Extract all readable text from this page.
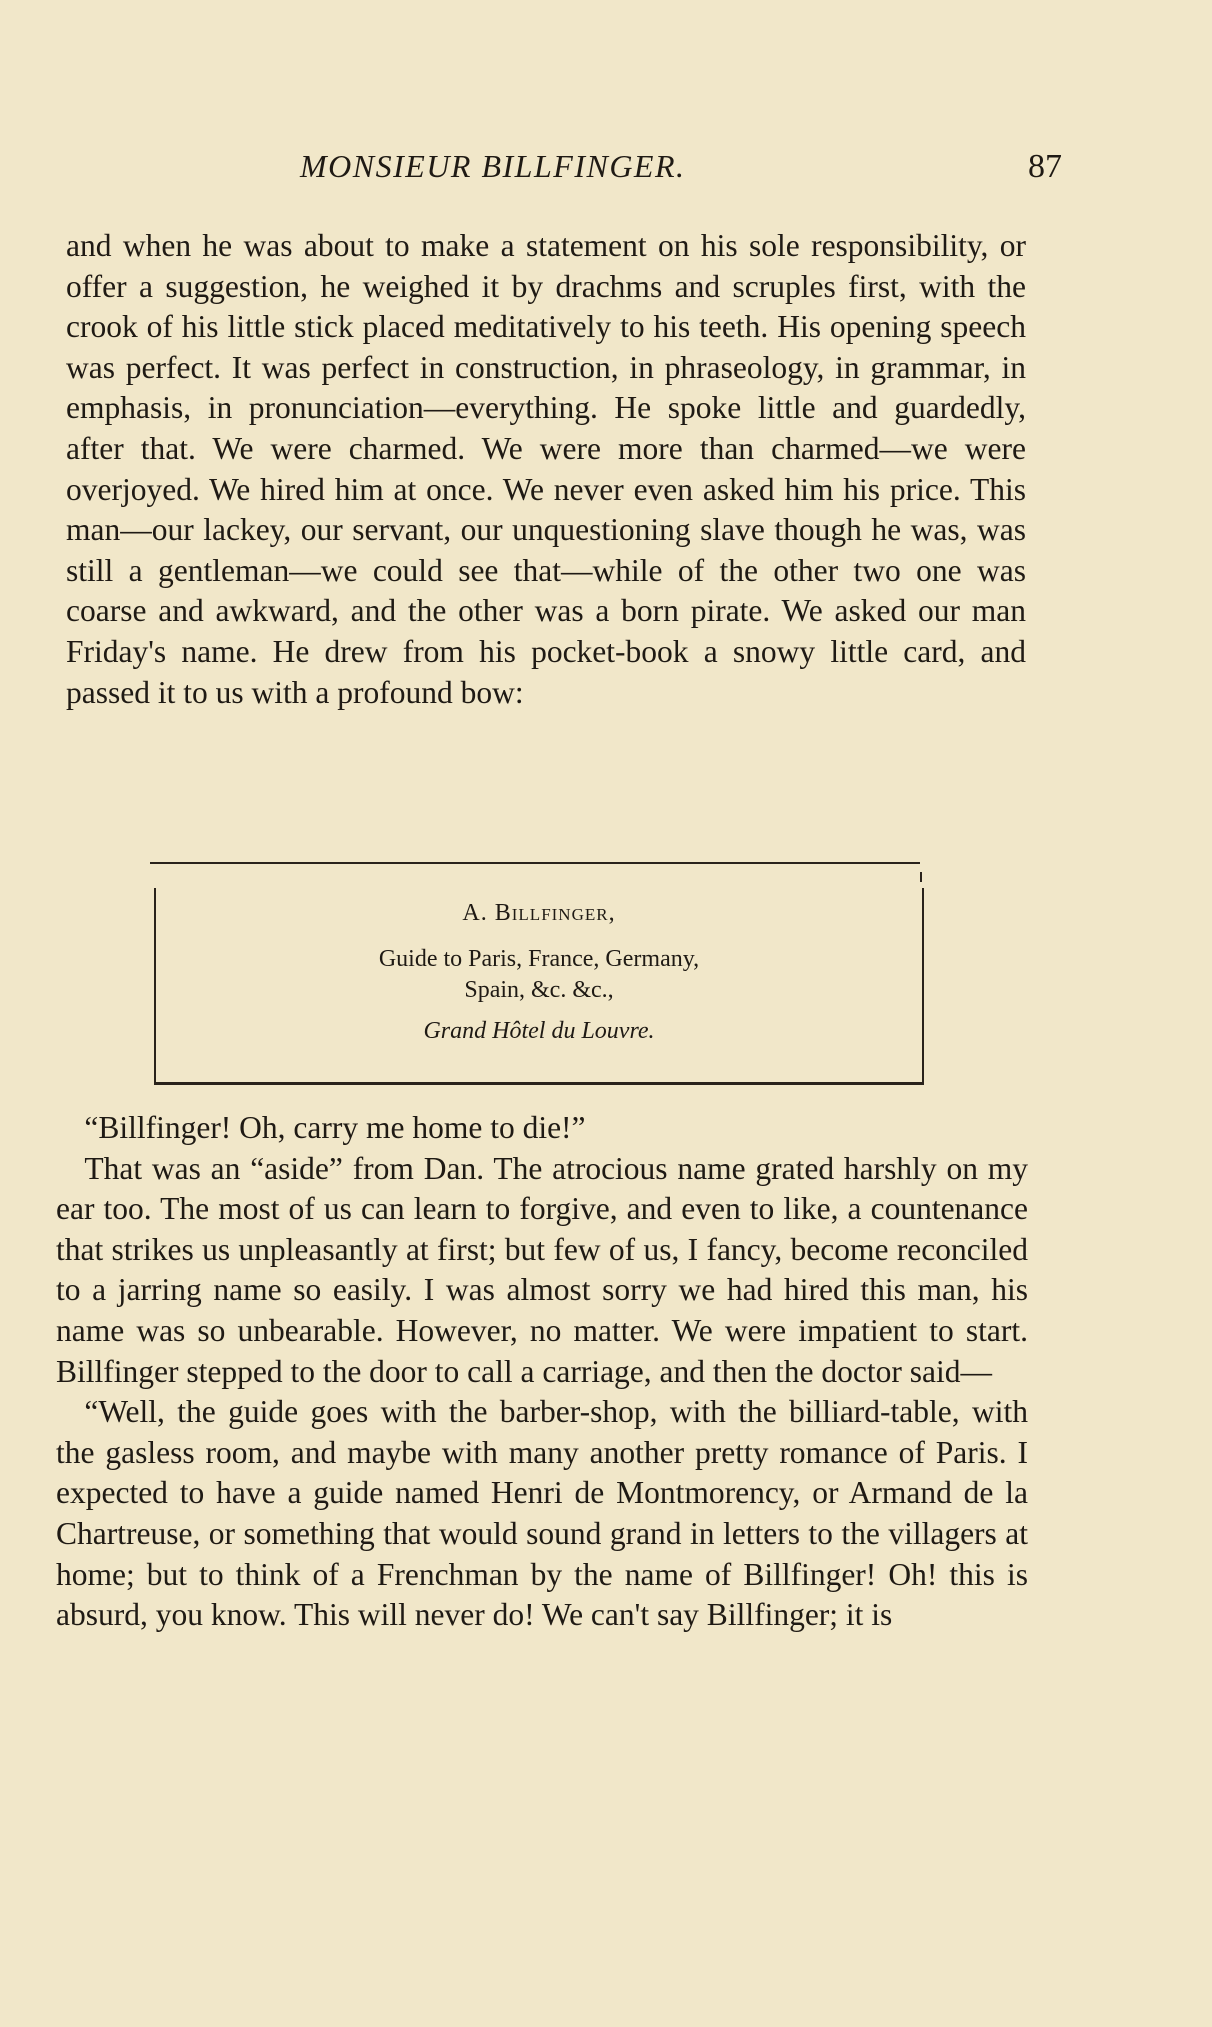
MONSIEUR BILLFINGER.	87

and when he was about to make a statement on his sole responsibility, or offer a suggestion, he weighed it by drachms and scruples first, with the crook of his little stick placed meditatively to his teeth. His opening speech was perfect. It was perfect in construction, in phraseology, in grammar, in emphasis, in pronunciation—everything. He spoke little and guardedly, after that. We were charmed. We were more than charmed—we were overjoyed. We hired him at once. We never even asked him his price. This man—our lackey, our servant, our unquestioning slave though he was, was still a gentleman—we could see that—while of the other two one was coarse and awkward, and the other was a born pirate. We asked our man Friday's name. He drew from his pocket-book a snowy little card, and passed it to us with a profound bow:

A. Billfinger,
Guide to Paris, France, Germany,
Spain, &c. &c.,
Grand Hôtel du Louvre.

“Billfinger! Oh, carry me home to die!”

That was an “aside” from Dan. The atrocious name grated harshly on my ear too. The most of us can learn to forgive, and even to like, a countenance that strikes us unpleasantly at first; but few of us, I fancy, become reconciled to a jarring name so easily. I was almost sorry we had hired this man, his name was so unbearable. However, no matter. We were impatient to start. Billfinger stepped to the door to call a carriage, and then the doctor said—

“Well, the guide goes with the barber-shop, with the billiard-table, with the gasless room, and maybe with many another pretty romance of Paris. I expected to have a guide named Henri de Montmorency, or Armand de la Chartreuse, or something that would sound grand in letters to the villagers at home; but to think of a Frenchman by the name of Billfinger! Oh! this is absurd, you know. This will never do! We can't say Billfinger; it is
